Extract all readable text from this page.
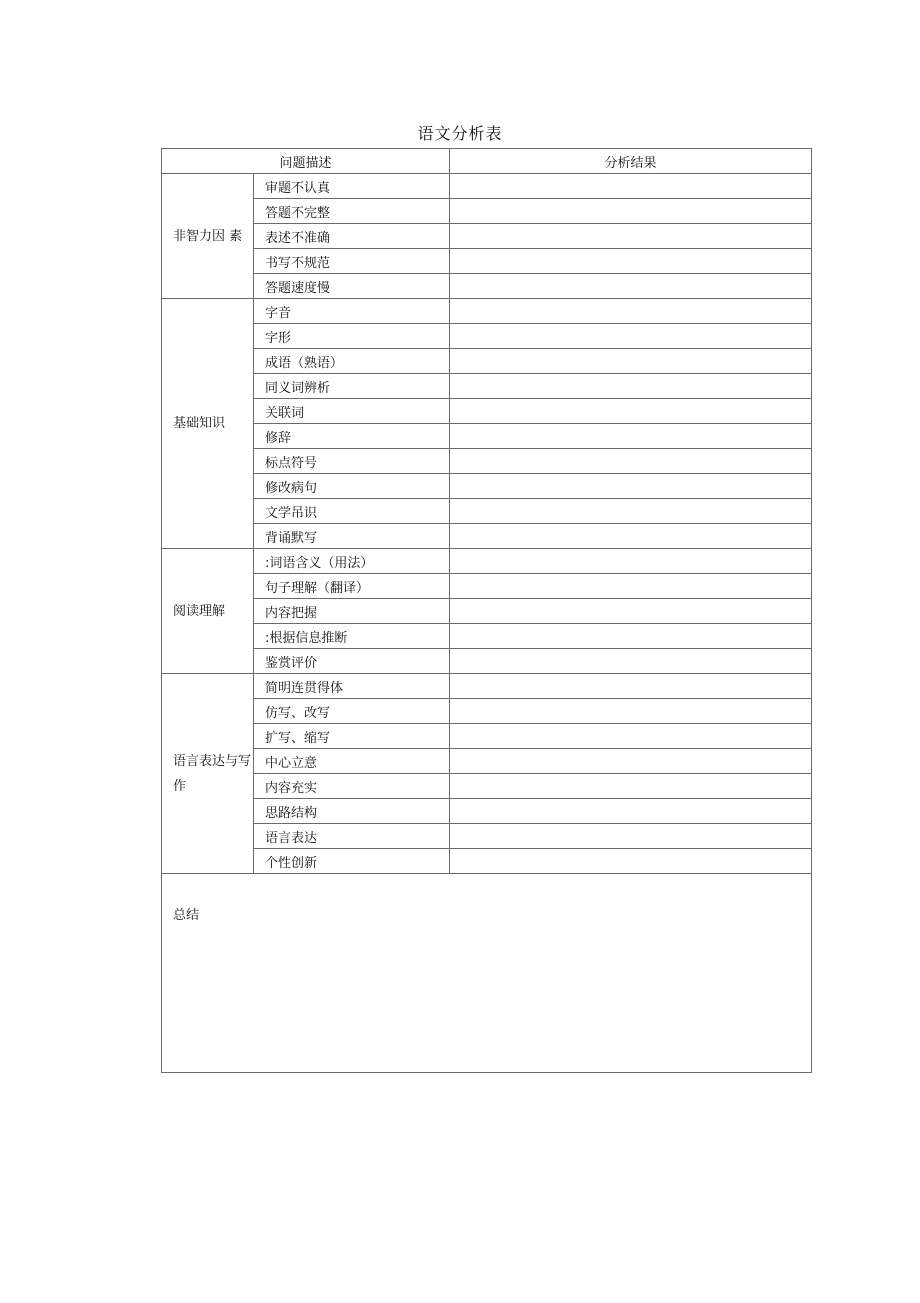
语文分析表
问题描述		分析结果
非智力因 素	审题不认真	
	答题不完整	
	表述不准确	
	书写不规范	
	答题速度慢	
基础知识	字音	
	字形	
	成语（熟语）	
	同义词辨析	
	关联词	
	修辞	
	标点符号	
	修改病句	
	文学吊识	
	背诵默写	
阅读理解	:词语含义（用法）	
	句子理解（翻译）	
	内容把握	
	:根据信息推断	
	鉴赏评价	
语言表达与写作	简明连贯得体	
	仿写、改写	
	扩写、缩写	
	中心立意	
	内容充实	
	思路结构	
	语言表达	
	个性创新	
总结		
